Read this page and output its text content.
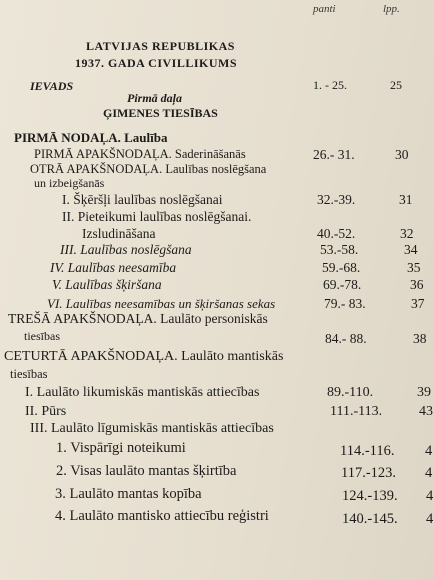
panti	lpp.
LATVIJAS REPUBLIKAS
1937. GADA CIVILLIKUMS
IEVADS	1. - 25.	25
Pirmā daļa
ĢIMENES TIESĪBAS
PIRMĀ NODAĻA. Laulība
PIRMĀ APAKŠNODAĻA. Saderināšanās	26.- 31.	30
OTRĀ APAKŠNODAĻA. Laulības noslēgšana
un izbeigšanās
I. Šķēršļi laulības noslēgšanai	32.-39.	31
II. Pieteikumi laulības noslēgšanai.
Izsludināšana	40.-52.	32
III. Laulības noslēgšana	53.-58.	34
IV. Laulības neesamība	59.-68.	35
V. Laulības šķiršana	69.-78.	36
VI. Laulības neesamības un šķiršanas sekas	79.- 83.	37
TREŠĀ APAKŠNODAĻA. Laulāto personiskās
tiesības	84.- 88.	38
CETURTĀ APAKŠNODAĻA. Laulāto mantiskās
tiesības
I. Laulāto likumiskās mantiskās attiecības	89.-110.	39
II. Pūrs	111.-113.	43
III. Laulāto līgumiskās mantiskās attiecības
1. Vispārīgi noteikumi	114.-116. 4
2. Visas laulāto mantas šķirtība	117.-123. 4
3. Laulāto mantas kopība	124.-139. 4
4. Laulāto mantisko attiecību reģistri	140.-145. 4
